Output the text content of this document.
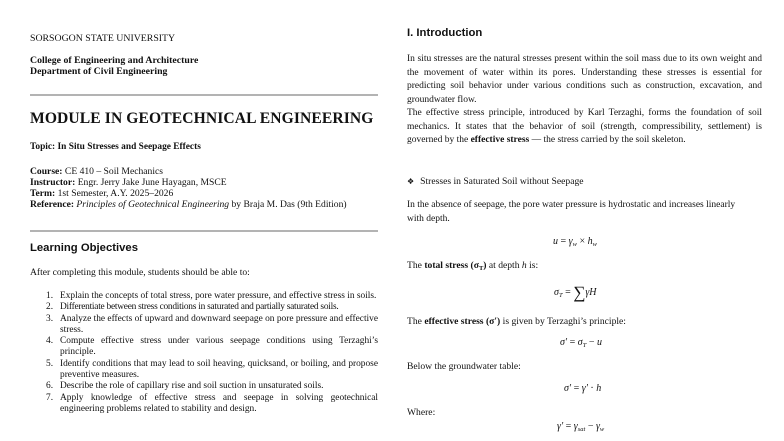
SORSOGON STATE UNIVERSITY
College of Engineering and Architecture
Department of Civil Engineering
MODULE IN GEOTECHNICAL ENGINEERING
Topic: In Situ Stresses and Seepage Effects
Course: CE 410 – Soil Mechanics
Instructor: Engr. Jerry Jake June Hayagan, MSCE
Term: 1st Semester, A.Y. 2025–2026
Reference: Principles of Geotechnical Engineering by Braja M. Das (9th Edition)
Learning Objectives
After completing this module, students should be able to:
1. Explain the concepts of total stress, pore water pressure, and effective stress in soils.
2. Differentiate between stress conditions in saturated and partially saturated soils.
3. Analyze the effects of upward and downward seepage on pore pressure and effective stress.
4. Compute effective stress under various seepage conditions using Terzaghi’s principle.
5. Identify conditions that may lead to soil heaving, quicksand, or boiling, and propose preventive measures.
6. Describe the role of capillary rise and soil suction in unsaturated soils.
7. Apply knowledge of effective stress and seepage in solving geotechnical engineering problems related to stability and design.
I. Introduction
In situ stresses are the natural stresses present within the soil mass due to its own weight and the movement of water within its pores. Understanding these stresses is essential for predicting soil behavior under various conditions such as construction, excavation, and groundwater flow.
The effective stress principle, introduced by Karl Terzaghi, forms the foundation of soil mechanics. It states that the behavior of soil (strength, compressibility, settlement) is governed by the effective stress — the stress carried by the soil skeleton.
❖ Stresses in Saturated Soil without Seepage
In the absence of seepage, the pore water pressure is hydrostatic and increases linearly with depth.
$u = \gamma_w \times h_w$
The total stress $(\sigma_T)$ at depth h is:
$\sigma_T = \sum\gamma H$
The effective stress (σ′) is given by Terzaghi’s principle:
$\sigma' = \sigma_T - u$
Below the groundwater table:
σ′ = γ′ · h
Where:
$\gamma' = \gamma_{sat} - \gamma_w$
